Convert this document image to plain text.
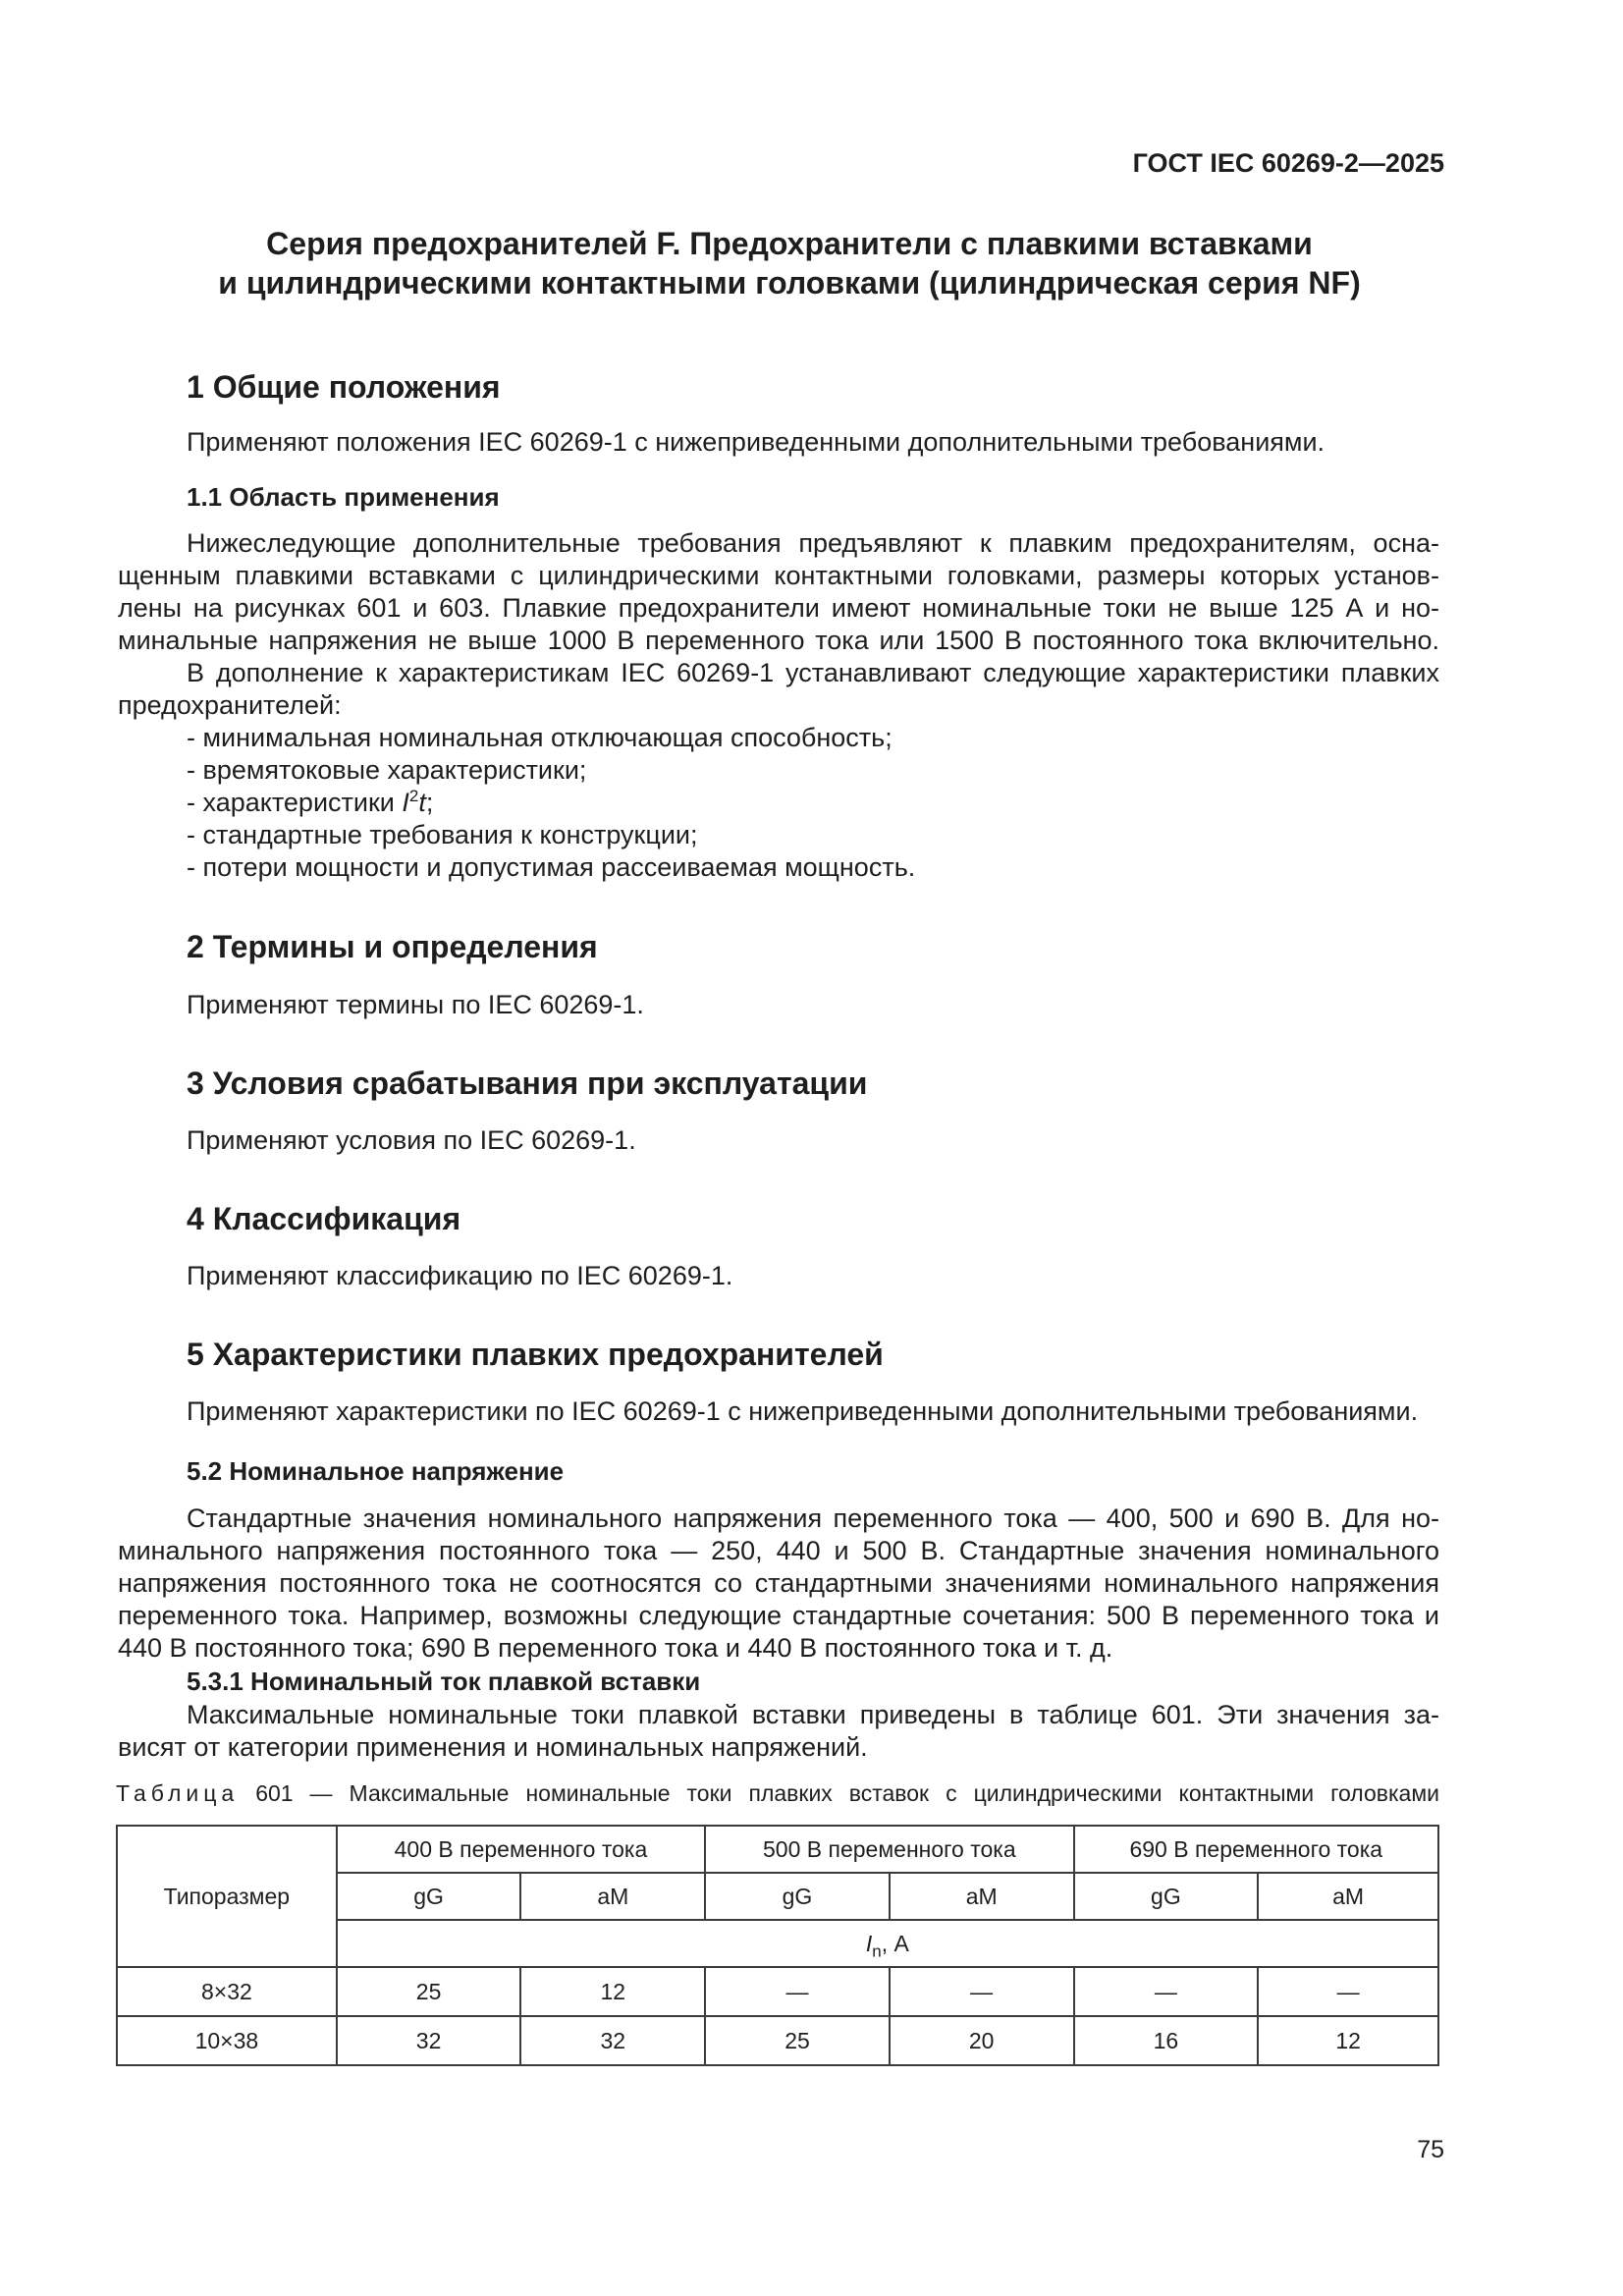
ГОСТ IEC 60269-2—2025
Серия предохранителей F. Предохранители с плавкими вставками
и цилиндрическими контактными головками (цилиндрическая серия NF)
1 Общие положения

Применяют положения IEC 60269-1 с нижеприведенными дополнительными требованиями.

1.1 Область применения
Нижеследующие дополнительные требования предъявляют к плавким предохранителям, осна-
щенным плавкими вставками с цилиндрическими контактными головками, размеры которых установ-
лены на рисунках 601 и 603. Плавкие предохранители имеют номинальные токи не выше 125 А и но-
минальные напряжения не выше 1000 В переменного тока или 1500 В постоянного тока включительно.
В дополнение к характеристикам IEC 60269-1 устанавливают следующие характеристики плавких
предохранителей:
- минимальная номинальная отключающая способность;
- времятоковые характеристики;
- характеристики $I^2t$;
- стандартные требования к конструкции;
- потери мощности и допустимая рассеиваемая мощность.
2 Термины и определения

Применяют термины по IEC 60269-1.

3 Условия срабатывания при эксплуатации

Применяют условия по IEC 60269-1.

4 Классификация

Применяют классификацию по IEC 60269-1.

5 Характеристики плавких предохранителей

Применяют характеристики по IEC 60269-1 с нижеприведенными дополнительными требованиями.

5.2 Номинальное напряжение
Стандартные значения номинального напряжения переменного тока — 400, 500 и 690 В. Для но-
минального напряжения постоянного тока — 250, 440 и 500 В. Стандартные значения номинального
напряжения постоянного тока не соотносятся со стандартными значениями номинального напряжения
переменного тока. Например, возможны следующие стандартные сочетания: 500 В переменного тока и
440 В постоянного тока; 690 В переменного тока и 440 В постоянного тока и т. д.
5.3.1 Номинальный ток плавкой вставки
Максимальные номинальные токи плавкой вставки приведены в таблице 601. Эти значения за-
висят от категории применения и номинальных напряжений.
Таблица 601 — Максимальные номинальные токи плавких вставок с цилиндрическими контактными головками
Типоразмер	400 В переменного тока		500 В переменного тока		690 В переменного тока	
	gG	aM	gG	aM	gG	aM
	$I_n$, А					
8×32	25	12	—	—	—	—
10×38	32	32	25	20	16	12
75
